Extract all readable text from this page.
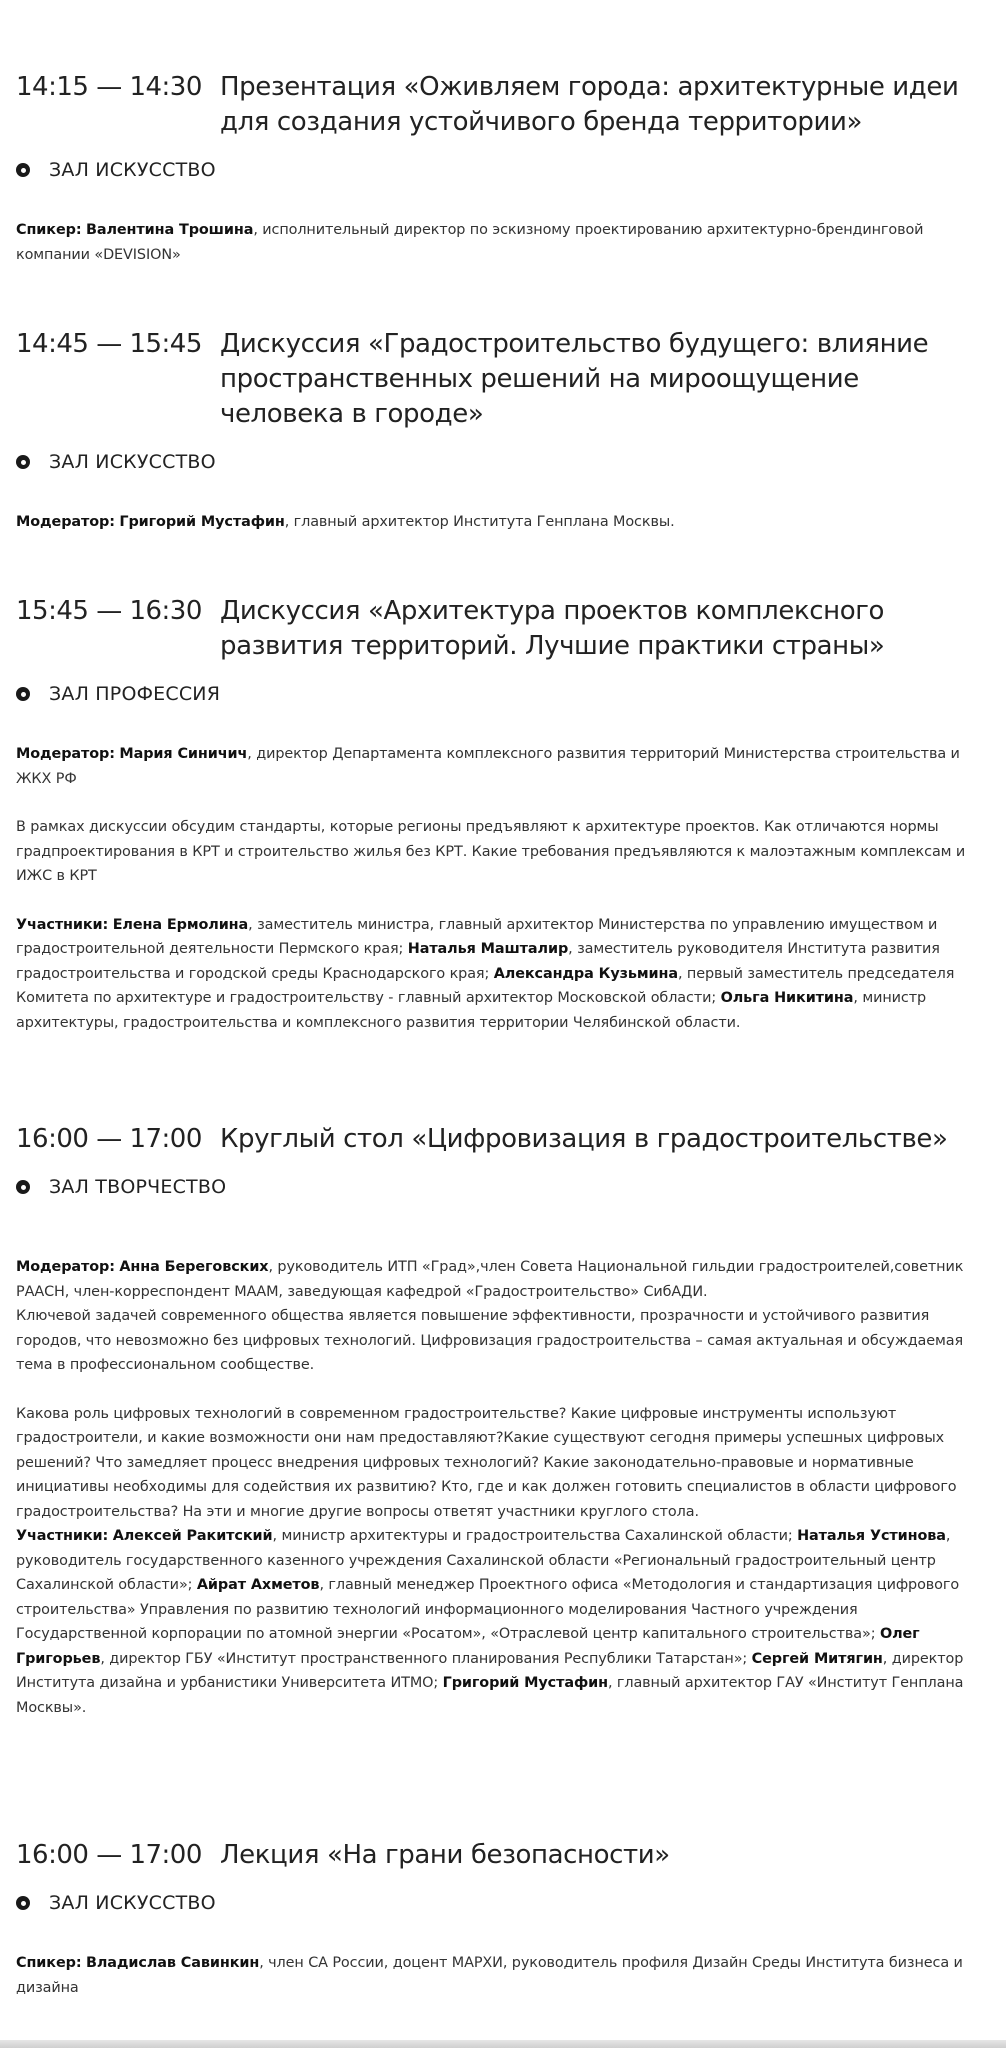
14:15 — 14:30 Презентация «Оживляем города: архитектурные идеи для создания устойчивого бренда территории»
ЗАЛ ИСКУССТВО

Спикер: Валентина Трошина, исполнительный директор по эскизному проектированию архитектурно-брендинговой компании «DEVISION»

14:45 — 15:45 Дискуссия «Градостроительство будущего: влияние пространственных решений на мироощущение человека в городе»
ЗАЛ ИСКУССТВО

Модератор: Григорий Мустафин, главный архитектор Института Генплана Москвы.

15:45 — 16:30 Дискуссия «Архитектура проектов комплексного развития территорий. Лучшие практики страны»
ЗАЛ ПРОФЕССИЯ

Модератор: Мария Синичич, директор Департамента комплексного развития территорий Министерства строительства и ЖКХ РФ

В рамках дискуссии обсудим стандарты, которые регионы предъявляют к архитектуре проектов. Как отличаются нормы градпроектирования в КРТ и строительство жилья без КРТ. Какие требования предъявляются к малоэтажным комплексам и ИЖС в КРТ

Участники: Елена Ермолина, заместитель министра, главный архитектор Министерства по управлению имуществом и градостроительной деятельности Пермского края; Наталья Машталир, заместитель руководителя Института развития градостроительства и городской среды Краснодарского края; Александра Кузьмина, первый заместитель председателя Комитета по архитектуре и градостроительству - главный архитектор Московской области; Ольга Никитина, министр архитектуры, градостроительства и комплексного развития территории Челябинской области.

16:00 — 17:00 Круглый стол «Цифровизация в градостроительстве»
ЗАЛ ТВОРЧЕСТВО

Модератор: Анна Береговских, руководитель ИТП «Град»,член Совета Национальной гильдии градостроителей,советник РААСН, член-корреспондент МААМ, заведующая кафедрой «Градостроительство» СибАДИ.
Ключевой задачей современного общества является повышение эффективности, прозрачности и устойчивого развития городов, что невозможно без цифровых технологий. Цифровизация градостроительства – самая актуальная и обсуждаемая тема в профессиональном сообществе.

Какова роль цифровых технологий в современном градостроительстве? Какие цифровые инструменты используют градостроители, и какие возможности они нам предоставляют?Какие существуют сегодня примеры успешных цифровых решений? Что замедляет процесс внедрения цифровых технологий? Какие законодательно-правовые и нормативные инициативы необходимы для содействия их развитию? Кто, где и как должен готовить специалистов в области цифрового градостроительства? На эти и многие другие вопросы ответят участники круглого стола.

Участники: Алексей Ракитский, министр архитектуры и градостроительства Сахалинской области; Наталья Устинова, руководитель государственного казенного учреждения Сахалинской области «Региональный градостроительный центр Сахалинской области»; Айрат Ахметов, главный менеджер Проектного офиса «Методология и стандартизация цифрового строительства» Управления по развитию технологий информационного моделирования Частного учреждения Государственной корпорации по атомной энергии «Росатом», «Отраслевой центр капитального строительства»; Олег Григорьев, директор ГБУ «Институт пространственного планирования Республики Татарстан»; Сергей Митягин, директор Института дизайна и урбанистики Университета ИТМО; Григорий Мустафин, главный архитектор ГАУ «Институт Генплана Москвы».

16:00 — 17:00 Лекция «На грани безопасности»
ЗАЛ ИСКУССТВО

Спикер: Владислав Савинкин, член СА России, доцент МАРХИ, руководитель профиля Дизайн Среды Института бизнеса и дизайна
